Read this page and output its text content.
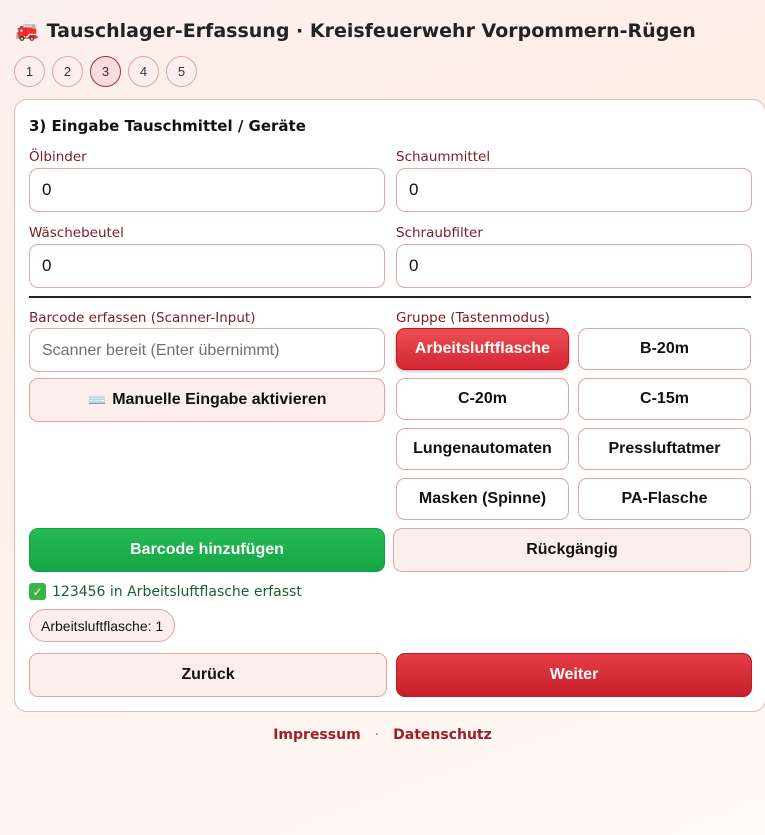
🚒 Tauschlager-Erfassung · Kreisfeuerwehr Vorpommern-Rügen
1	2	3	4	5
3) Eingabe Tauschmittel / Geräte
Ölbinder
0	Schaummittel
0
Wäschebeutel
0	Schraubfilter
0
Barcode erfassen (Scanner-Input)
Scanner bereit (Enter übernimmt)
⌨️ Manuelle Eingabe aktivieren
Gruppe (Tastenmodus)
Arbeitsluftflasche	B-20m
C-20m	C-15m
Lungenautomaten	Pressluftatmer
Masken (Spinne)	PA-Flasche
Barcode hinzufügen	Rückgängig
✓ 123456 in Arbeitsluftflasche erfasst
Arbeitsluftflasche: 1
Zurück	Weiter
Impressum · Datenschutz
